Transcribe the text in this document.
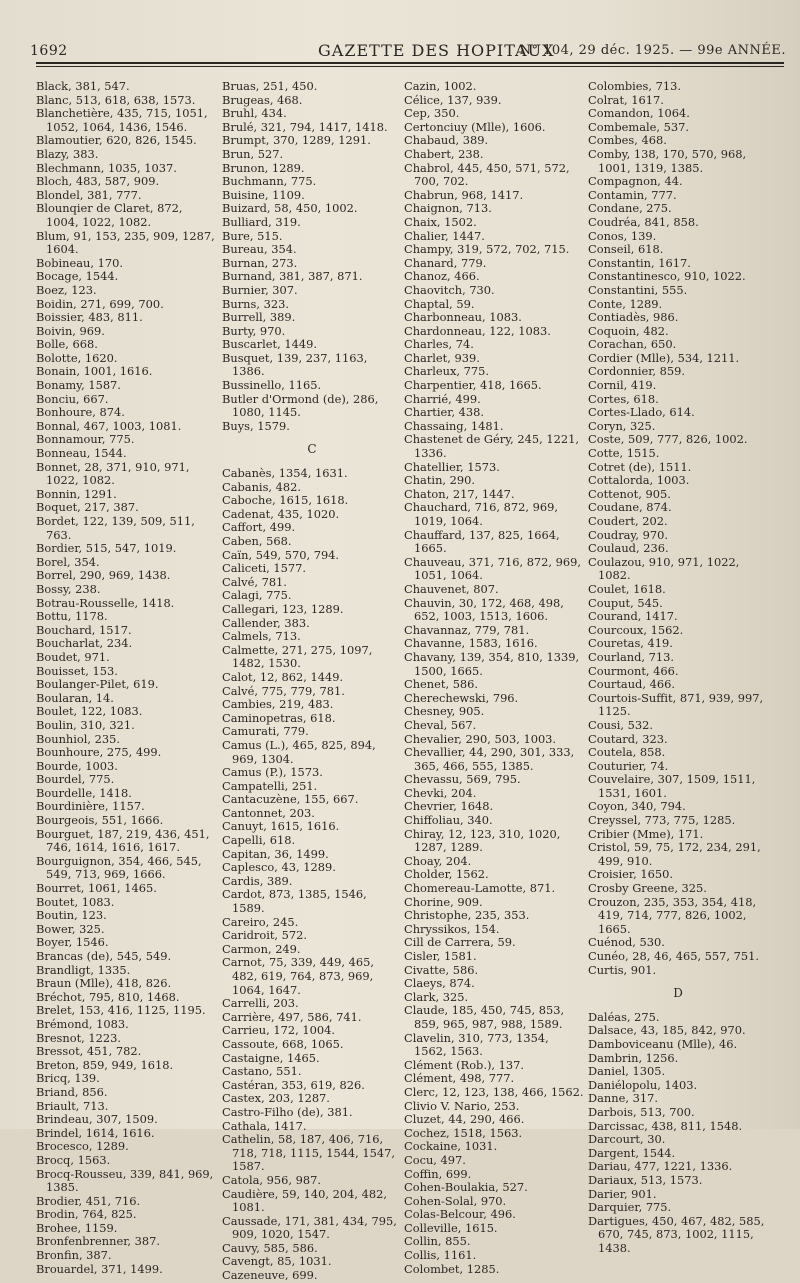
1692	GAZETTE DES HOPITAUX
N° 104, 29 déc. 1925. — 99e ANNÉE.

Black, 381, 547.

Blanc, 513, 618, 638, 1573.

Blanchetière, 435, 715, 1051, 1052, 1064, 1436, 1546.

Blamoutier, 620, 826, 1545.

Blazy, 383.

Blechmann, 1035, 1037.

Bloch, 483, 587, 909.

Blondel, 381, 777.

Blounqier de Claret, 872, 1004, 1022, 1082.

Blum, 91, 153, 235, 909, 1287, 1604.

Bobineau, 170.

Bocage, 1544.

Boez, 123.

Boidin, 271, 699, 700.

Boissier, 483, 811.

Boivin, 969.

Bolle, 668.

Bolotte, 1620.

Bonain, 1001, 1616.

Bonamy, 1587.

Bonciu, 667.

Bonhoure, 874.

Bonnal, 467, 1003, 1081.

Bonnamour, 775.

Bonneau, 1544.

Bonnet, 28, 371, 910, 971, 1022, 1082.

Bonnin, 1291.

Boquet, 217, 387.

Bordet, 122, 139, 509, 511, 763.

Bordier, 515, 547, 1019.

Borel, 354.

Borrel, 290, 969, 1438.

Bossy, 238.

Botrau-Rousselle, 1418.

Bottu, 1178.

Bouchard, 1517.

Boucharlat, 234.

Boudet, 971.

Bouisset, 153.

Boulanger-Pilet, 619.

Boularan, 14.

Boulet, 122, 1083.

Boulin, 310, 321.

Bounhiol, 235.

Bounhoure, 275, 499.

Bourde, 1003.

Bourdel, 775.

Bourdelle, 1418.

Bourdinière, 1157.

Bourgeois, 551, 1666.

Bourguet, 187, 219, 436, 451, 746, 1614, 1616, 1617.

Bourguignon, 354, 466, 545, 549, 713, 969, 1666.

Bourret, 1061, 1465.

Boutet, 1083.

Boutin, 123.

Bower, 325.

Boyer, 1546.

Brancas (de), 545, 549.

Brandligt, 1335.

Braun (Mlle), 418, 826.

Bréchot, 795, 810, 1468.

Brelet, 153, 416, 1125, 1195.

Brémond, 1083.

Bresnot, 1223.

Bressot, 451, 782.

Breton, 859, 949, 1618.

Bricq, 139.

Briand, 856.

Briault, 713.

Brindeau, 307, 1509.

Brindel, 1614, 1616.

Brocesco, 1289.

Brocq, 1563.

Brocq-Rousseu, 339, 841, 969, 1385.

Brodier, 451, 716.

Brodin, 764, 825.

Brohee, 1159.

Bronfenbrenner, 387.

Bronfin, 387.

Brouardel, 371, 1499.

Bruas, 251, 450.

Brugeas, 468.

Bruhl, 434.

Brulé, 321, 794, 1417, 1418.

Brumpt, 370, 1289, 1291.

Brun, 527.

Brunon, 1289.

Buchmann, 775.

Buisine, 1109.

Buizard, 58, 450, 1002.

Bulliard, 319.

Bure, 515.

Bureau, 354.

Burnan, 273.

Burnand, 381, 387, 871.

Burnier, 307.

Burns, 323.

Burrell, 389.

Burty, 970.

Buscarlet, 1449.

Busquet, 139, 237, 1163, 1386.

Bussinello, 1165.

Butler d'Ormond (de), 286, 1080, 1145.

Buys, 1579.

C

Cabanès, 1354, 1631.

Cabanis, 482.

Caboche, 1615, 1618.

Cadenat, 435, 1020.

Caffort, 499.

Caben, 568.

Caïn, 549, 570, 794.

Caliceti, 1577.

Calvé, 781.

Calagi, 775.

Callegari, 123, 1289.

Callender, 383.

Calmels, 713.

Calmette, 271, 275, 1097, 1482, 1530.

Calot, 12, 862, 1449.

Calvé, 775, 779, 781.

Cambies, 219, 483.

Caminopetras, 618.

Camurati, 779.

Camus (L.), 465, 825, 894, 969, 1304.

Camus (P.), 1573.

Campatelli, 251.

Cantacuzène, 155, 667.

Cantonnet, 203.

Canuyt, 1615, 1616.

Capelli, 618.

Capitan, 36, 1499.

Caplesco, 43, 1289.

Cardis, 389.

Cardot, 873, 1385, 1546, 1589.

Careiro, 245.

Caridroit, 572.

Carmon, 249.

Carnot, 75, 339, 449, 465, 482, 619, 764, 873, 969, 1064, 1647.

Carrelli, 203.

Carrière, 497, 586, 741.

Carrieu, 172, 1004.

Cassoute, 668, 1065.

Castaigne, 1465.

Castano, 551.

Castéran, 353, 619, 826.

Castex, 203, 1287.

Castro-Filho (de), 381.

Cathala, 1417.

Cathelin, 58, 187, 406, 716, 718, 718, 1115, 1544, 1547, 1587.

Catola, 956, 987.

Caudière, 59, 140, 204, 482, 1081.

Caussade, 171, 381, 434, 795, 909, 1020, 1547.

Cauvy, 585, 586.

Cavengt, 85, 1031.

Cazeneuve, 699.

Cazin, 1002.

Célice, 137, 939.

Cep, 350.

Certonciuy (Mlle), 1606.

Chabaud, 389.

Chabert, 238.

Chabrol, 445, 450, 571, 572, 700, 702.

Chabrun, 968, 1417.

Chaignon, 713.

Chaix, 1502.

Chalier, 1447.

Champy, 319, 572, 702, 715.

Chanard, 779.

Chanoz, 466.

Chaovitch, 730.

Chaptal, 59.

Charbonneau, 1083.

Chardonneau, 122, 1083.

Charles, 74.

Charlet, 939.

Charleux, 775.

Charpentier, 418, 1665.

Charrié, 499.

Chartier, 438.

Chassaing, 1481.

Chastenet de Géry, 245, 1221, 1336.

Chatellier, 1573.

Chatin, 290.

Chaton, 217, 1447.

Chauchard, 716, 872, 969, 1019, 1064.

Chauffard, 137, 825, 1664, 1665.

Chauveau, 371, 716, 872, 969, 1051, 1064.

Chauvenet, 807.

Chauvin, 30, 172, 468, 498, 652, 1003, 1513, 1606.

Chavannaz, 779, 781.

Chavanne, 1583, 1616.

Chavany, 139, 354, 810, 1339, 1500, 1665.

Chenet, 586.

Cherechewski, 796.

Chesney, 905.

Cheval, 567.

Chevalier, 290, 503, 1003.

Chevallier, 44, 290, 301, 333, 365, 466, 555, 1385.

Chevassu, 569, 795.

Chevki, 204.

Chevrier, 1648.

Chiffoliau, 340.

Chiray, 12, 123, 310, 1020, 1287, 1289.

Choay, 204.

Cholder, 1562.

Chomereau-Lamotte, 871.

Chorine, 909.

Christophe, 235, 353.

Chryssikos, 154.

Cill de Carrera, 59.

Cisler, 1581.

Civatte, 586.

Claeys, 874.

Clark, 325.

Claude, 185, 450, 745, 853, 859, 965, 987, 988, 1589.

Clavelin, 310, 773, 1354, 1562, 1563.

Clément (Rob.), 137.

Clément, 498, 777.

Clerc, 12, 123, 138, 466, 1562.

Clivio V. Nario, 253.

Cluzet, 44, 290, 466.

Cochez, 1518, 1563.

Cockaine, 1031.

Cocu, 497.

Coffin, 699.

Cohen-Boulakia, 527.

Cohen-Solal, 970.

Colas-Belcour, 496.

Colleville, 1615.

Collin, 855.

Collis, 1161.

Colombet, 1285.

Colombies, 713.

Colrat, 1617.

Comandon, 1064.

Combemale, 537.

Combes, 468.

Comby, 138, 170, 570, 968, 1001, 1319, 1385.

Compagnon, 44.

Contamin, 777.

Condane, 275.

Coudréa, 841, 858.

Conos, 139.

Conseil, 618.

Constantin, 1617.

Constantinesco, 910, 1022.

Constantini, 555.

Conte, 1289.

Contiadès, 986.

Coquoin, 482.

Corachan, 650.

Cordier (Mlle), 534, 1211.

Cordonnier, 859.

Cornil, 419.

Cortes, 618.

Cortes-Llado, 614.

Coryn, 325.

Coste, 509, 777, 826, 1002.

Cotte, 1515.

Cotret (de), 1511.

Cottalorda, 1003.

Cottenot, 905.

Coudane, 874.

Coudert, 202.

Coudray, 970.

Coulaud, 236.

Coulazou, 910, 971, 1022, 1082.

Coulet, 1618.

Couput, 545.

Courand, 1417.

Courcoux, 1562.

Couretas, 419.

Courland, 713.

Courmont, 466.

Courtaud, 466.

Courtois-Suffit, 871, 939, 997, 1125.

Cousi, 532.

Coutard, 323.

Coutela, 858.

Couturier, 74.

Couvelaire, 307, 1509, 1511, 1531, 1601.

Coyon, 340, 794.

Creyssel, 773, 775, 1285.

Cribier (Mme), 171.

Cristol, 59, 75, 172, 234, 291, 499, 910.

Croisier, 1650.

Crosby Greene, 325.

Crouzon, 235, 353, 354, 418, 419, 714, 777, 826, 1002, 1665.

Cuénod, 530.

Cunéo, 28, 46, 465, 557, 751.

Curtis, 901.

D

Daléas, 275.

Dalsace, 43, 185, 842, 970.

Damboviceanu (Mlle), 46.

Dambrin, 1256.

Daniel, 1305.

Daniélopolu, 1403.

Danne, 317.

Darbois, 513, 700.

Darcissac, 438, 811, 1548.

Darcourt, 30.

Dargent, 1544.

Dariau, 477, 1221, 1336.

Dariaux, 513, 1573.

Darier, 901.

Darquier, 775.

Dartigues, 450, 467, 482, 585, 670, 745, 873, 1002, 1115, 1438.
